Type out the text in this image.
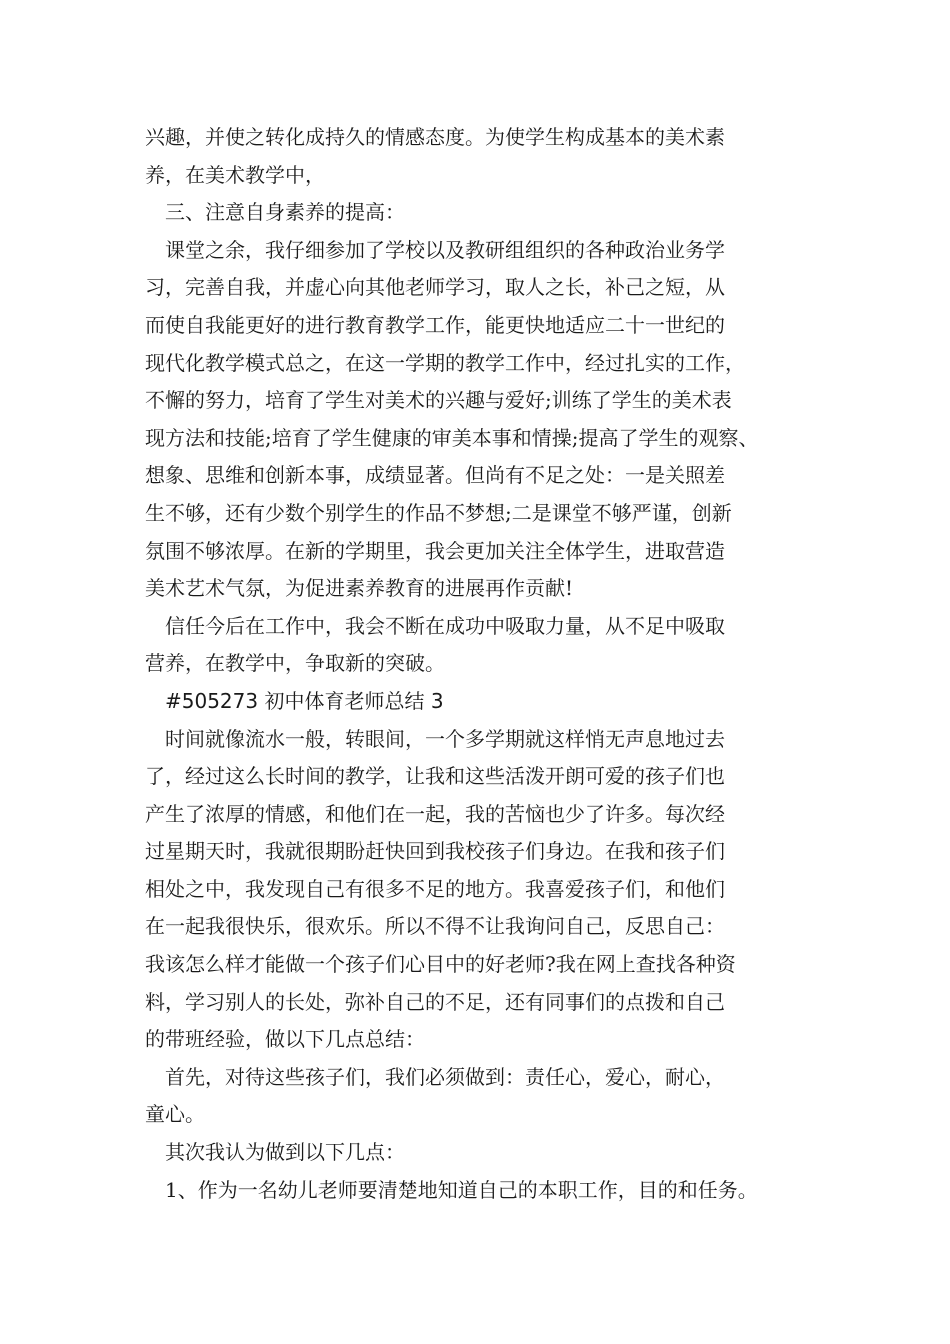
兴趣，并使之转化成持久的情感态度。为使学生构成基本的美术素
养，在美术教学中，
三、注意自身素养的提高：
课堂之余，我仔细参加了学校以及教研组组织的各种政治业务学
习，完善自我，并虚心向其他老师学习，取人之长，补己之短，从
而使自我能更好的进行教育教学工作，能更快地适应二十一世纪的
现代化教学模式总之，在这一学期的教学工作中，经过扎实的工作，
不懈的努力，培育了学生对美术的兴趣与爱好;训练了学生的美术表
现方法和技能;培育了学生健康的审美本事和情操;提高了学生的观察、
想象、思维和创新本事，成绩显著。但尚有不足之处：一是关照差
生不够，还有少数个别学生的作品不梦想;二是课堂不够严谨，创新
氛围不够浓厚。在新的学期里，我会更加关注全体学生，进取营造
美术艺术气氛，为促进素养教育的进展再作贡献!
信任今后在工作中，我会不断在成功中吸取力量，从不足中吸取
营养，在教学中，争取新的突破。
#505273 初中体育老师总结 3
时间就像流水一般，转眼间，一个多学期就这样悄无声息地过去
了，经过这么长时间的教学，让我和这些活泼开朗可爱的孩子们也
产生了浓厚的情感，和他们在一起，我的苦恼也少了许多。每次经
过星期天时，我就很期盼赶快回到我校孩子们身边。在我和孩子们
相处之中，我发现自己有很多不足的地方。我喜爱孩子们，和他们
在一起我很快乐，很欢乐。所以不得不让我询问自己，反思自己：
我该怎么样才能做一个孩子们心目中的好老师?我在网上查找各种资
料，学习别人的长处，弥补自己的不足，还有同事们的点拨和自己
的带班经验，做以下几点总结：
首先，对待这些孩子们，我们必须做到：责任心，爱心，耐心，
童心。
其次我认为做到以下几点：
1、作为一名幼儿老师要清楚地知道自己的本职工作，目的和任务。
